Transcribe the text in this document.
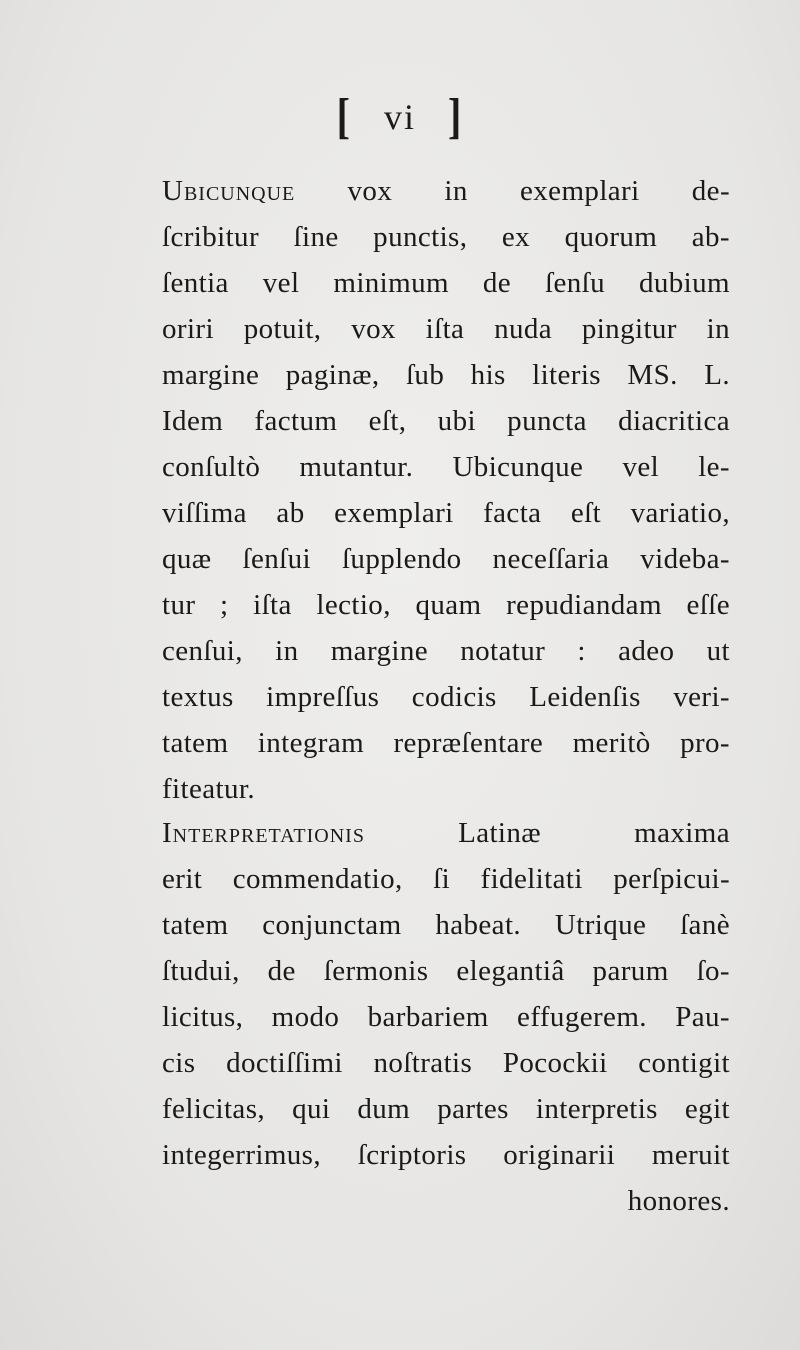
[ vi ]
Ubicunque vox in exemplari de-
ſcribitur ſine punctis, ex quorum ab-
ſentia vel minimum de ſenſu dubium
oriri potuit, vox iſta nuda pingitur in
margine paginæ, ſub his literis MS. L.
Idem factum eſt, ubi puncta diacritica
conſultò mutantur. Ubicunque vel le-
viſſima ab exemplari facta eſt variatio,
quæ ſenſui ſupplendo neceſſaria videba-
tur ; iſta lectio, quam repudiandam eſſe
cenſui, in margine notatur : adeo ut
textus impreſſus codicis Leidenſis veri-
tatem integram repræſentare meritò pro-
fiteatur.
Interpretationis	Latinæ maxima
erit commendatio, ſi fidelitati perſpicui-
tatem conjunctam habeat. Utrique ſanè
ſtudui, de ſermonis elegantiâ parum ſo-
licitus, modo barbariem effugerem. Pau-
cis doctiſſimi noſtratis Pocockii contigit
felicitas, qui dum partes interpretis egit
integerrimus, ſcriptoris originarii meruit
honores.
